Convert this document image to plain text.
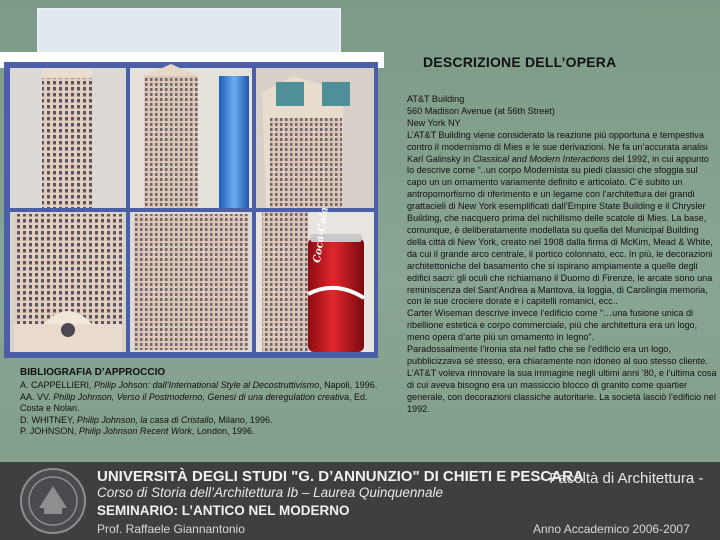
Coca-Cola
DESCRIZIONE DELL’OPERA

AT&T Building

560 Madison Avenue (at 56th Street)

New York NY

L’AT&T Building viene considerato la reazione più opportuna e tempestiva contro il modernismo di Mies e le sue derivazioni. Ne fa un’accurata analisi Karl Galinsky in Classical and Modern Interactions del 1992, in cui appunto lo descrive come “..un corpo Modernista su piedi classici che sfoggia sul capo un un ornamento variamente definito e articolato. C’è subito un antropomorfismo di riferimento e un legame con l’architettura dei grandi grattacieli di New York esemplificati dall’Empire State Building e il Chrysler Building, che nacquero prima del nichilismo delle scatole di Mies. La base, comunque, è deliberatamente modellata su quella del Municipal Building della città di New York, creato nel 1908 dalla firma di McKim, Mead & White, da cui il grande arco centrale, il portico colonnato, ecc. In più, le decorazioni architettoniche del basamento che si ispirano ampiamente a quelle degli edifici sacri: gli oculi che richiamano il Duomo di Firenze, le arcate sono una reminiscenza del Sant’Andrea a Mantova, la loggia, di Carolingia memoria, con le sue crociere dorate e i capitelli romanici, ecc..

Carter Wiseman descrive invece l’edificio come “…una fusione unica di ribellione estetica e corpo commerciale, più che architettura era un logo, meno opera d’arte più un ornamento in legno”.

Paradossalmente l’ironia sta nel fatto che se l’edificio era un logo, pubblicizzava sé stesso, era chiaramente non idoneo al suo stesso cliente. L’AT&T voleva rinnovare la sua immagine negli ultimi anni ’80, e l’ultima cosa di cui aveva bisogno era un massiccio blocco di granito come quartier generale, con decorazioni classiche autoritarie. La società lasciò l’edificio nel 1992.

BIBLIOGRAFIA D’APPROCCIO

A. CAPPELLIERI, Philip Johson: dall’International Style al Decostruttivismo, Napoli, 1996.

AA. VV. Philip Johnson, Verso il Postmoderno, Genesi di una deregulation creativa, Ed. Costa e Nolan.

D. WHITNEY, Philip Johnson, la casa di Cristallo, Milano, 1996.

P. JOHNSON, Philip Johnson Recent Work, London, 1996.

UNIVERSITÀ DEGLI STUDI "G. D’ANNUNZIO" DI CHIETI E PESCARA
- Facoltà di Architettura -
Corso di Storia dell’Architettura Ib – Laurea Quinquennale
SEMINARIO: L’ANTICO NEL MODERNO
Prof. Raffaele Giannantonio	Anno Accademico 2006-2007
